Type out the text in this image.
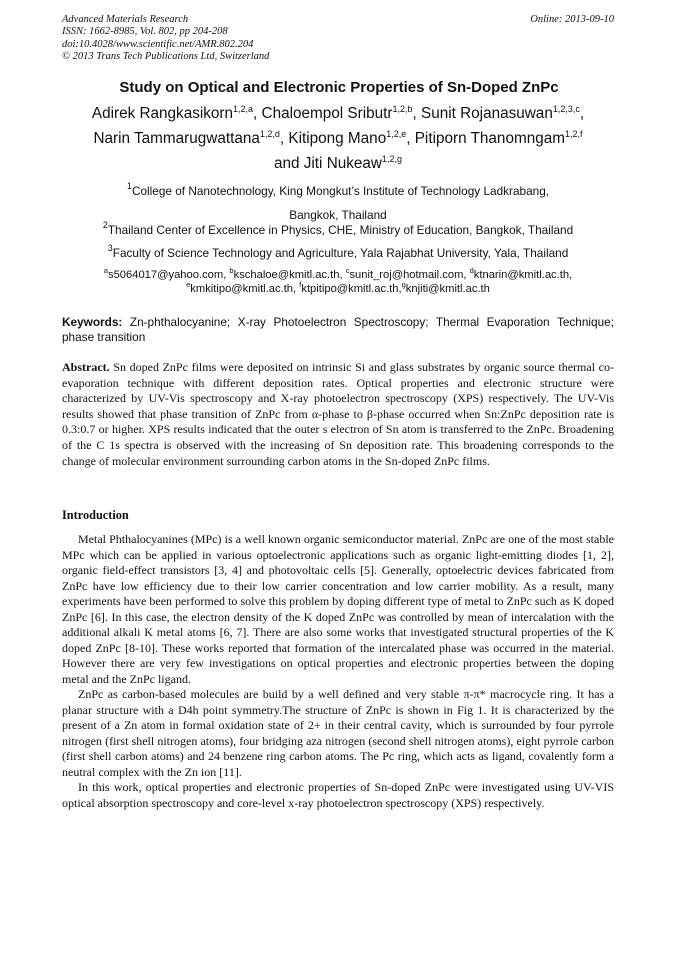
Advanced Materials Research
ISSN: 1662-8985, Vol. 802, pp 204-208
doi:10.4028/www.scientific.net/AMR.802.204
© 2013 Trans Tech Publications Ltd, Switzerland
Online: 2013-09-10
Study on Optical and Electronic Properties of Sn-Doped ZnPc
Adirek Rangkasikorn$^{1,2,a}$, Chaloempol Sributr$^{1,2,b}$, Sunit Rojanasuwan$^{1,2,3,c}$,
Narin Tammarugwattana$^{1,2,d}$, Kitipong Mano$^{1,2,e}$, Pitiporn Thanomngam$^{1,2,f}$
and Jiti Nukeaw$^{1,2,g}$
$^1$College of Nanotechnology, King Mongkut’s Institute of Technology Ladkrabang,
Bangkok, Thailand
$^2$Thailand Center of Excellence in Physics, CHE, Ministry of Education, Bangkok, Thailand
$^3$Faculty of Science Technology and Agriculture, Yala Rajabhat University, Yala, Thailand
$^a$s5064017@yahoo.com, $^b$kschaloe@kmitl.ac.th, $^c$sunit_roj@hotmail.com, $^d$ktnarin@kmitl.ac.th,
$^e$kmkitipo@kmitl.ac.th, $^f$ktpitipo@kmitl.ac.th,$^g$knjiti@kmitl.ac.th
Keywords: Zn-phthalocyanine; X-ray Photoelectron Spectroscopy; Thermal Evaporation Technique; phase transition
Abstract. Sn doped ZnPc films were deposited on intrinsic Si and glass substrates by organic source thermal co-evaporation technique with different deposition rates. Optical properties and electronic structure were characterized by UV-Vis spectroscopy and X-ray photoelectron spectroscopy (XPS) respectively. The UV-Vis results showed that phase transition of ZnPc from α-phase to β-phase occurred when Sn:ZnPc deposition rate is 0.3:0.7 or higher. XPS results indicated that the outer s electron of Sn atom is transferred to the ZnPc. Broadening of the C 1s spectra is observed with the increasing of Sn deposition rate. This broadening corresponds to the change of molecular environment surrounding carbon atoms in the Sn-doped ZnPc films.
Introduction

Metal Phthalocyanines (MPc) is a well known organic semiconductor material. ZnPc are one of the most stable MPc which can be applied in various optoelectronic applications such as organic light-emitting diodes [1, 2], organic field-effect transistors [3, 4] and photovoltaic cells [5]. Generally, optoelectric devices fabricated from ZnPc have low efficiency due to their low carrier concentration and low carrier mobility. As a result, many experiments have been performed to solve this problem by doping different type of metal to ZnPc such as K doped ZnPc [6]. In this case, the electron density of the K doped ZnPc was controlled by mean of intercalation with the additional alkali K metal atoms [6, 7]. There are also some works that investigated structural properties of the K doped ZnPc [8-10]. These works reported that formation of the intercalated phase was occurred in the material. However there are very few investigations on optical properties and electronic properties between the doping metal and the ZnPc ligand.

ZnPc as carbon-based molecules are build by a well defined and very stable π-π* macrocycle ring. It has a planar structure with a D4h point symmetry.The structure of ZnPc is shown in Fig 1. It is characterized by the present of a Zn atom in formal oxidation state of 2+ in their central cavity, which is surrounded by four pyrrole nitrogen (first shell nitrogen atoms), four bridging aza nitrogen (second shell nitrogen atoms), eight pyrrole carbon (first shell carbon atoms) and 24 benzene ring carbon atoms. The Pc ring, which acts as ligand, covalently form a neutral complex with the Zn ion [11].

In this work, optical properties and electronic properties of Sn-doped ZnPc were investigated using UV-VIS optical absorption spectroscopy and core-level x-ray photoelectron spectroscopy (XPS) respectively.
